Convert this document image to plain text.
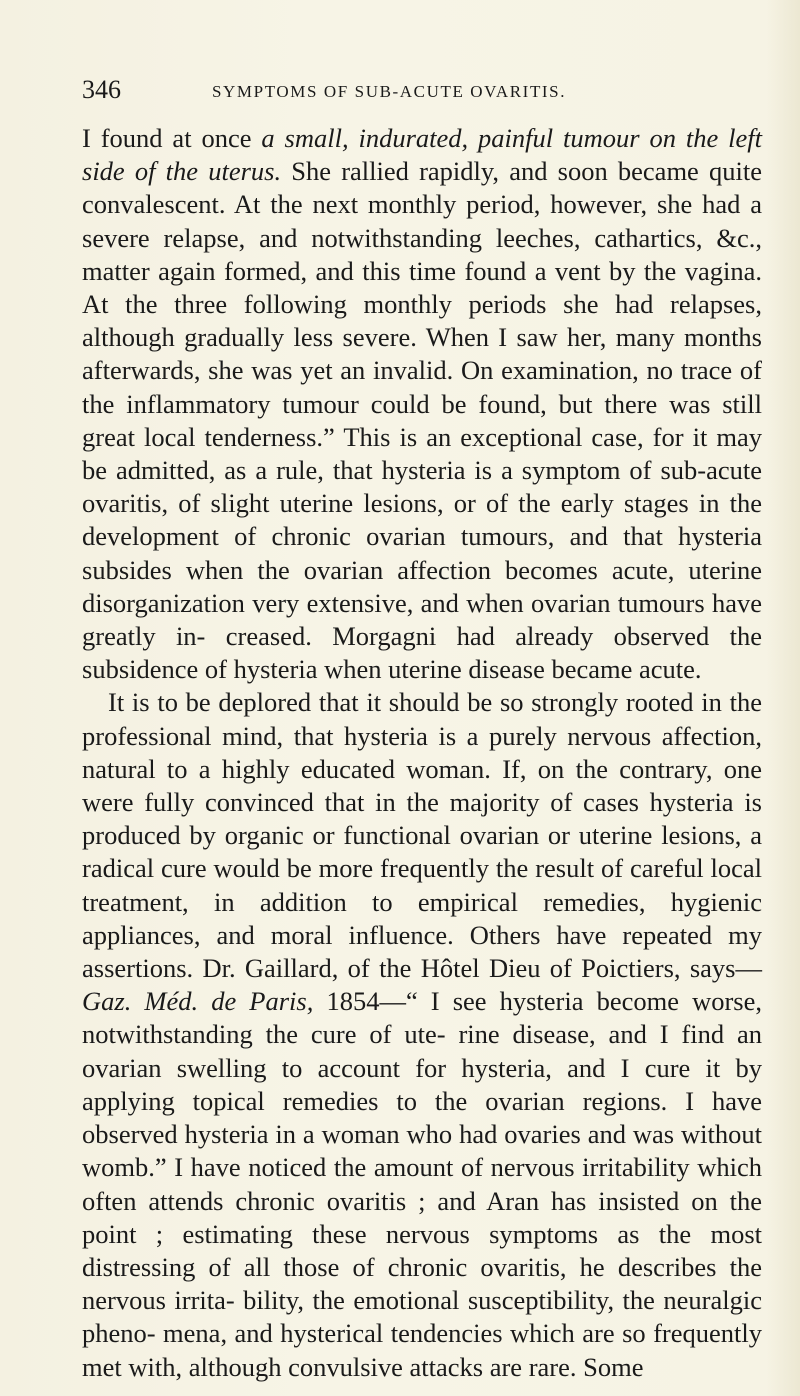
346	SYMPTOMS OF SUB-ACUTE OVARITIS.

I found at once a small, indurated, painful tumour on the left side of the uterus. She rallied rapidly, and soon became quite convalescent. At the next monthly period, however, she had a severe relapse, and notwithstanding leeches, cathartics, &c., matter again formed, and this time found a vent by the vagina. At the three following monthly periods she had relapses, although gradually less severe. When I saw her, many months afterwards, she was yet an invalid. On examination, no trace of the inflammatory tumour could be found, but there was still great local tenderness.” This is an exceptional case, for it may be admitted, as a rule, that hysteria is a symptom of sub-acute ovaritis, of slight uterine lesions, or of the early stages in the development of chronic ovarian tumours, and that hysteria subsides when the ovarian affection becomes acute, uterine disorganization very extensive, and when ovarian tumours have greatly in- creased. Morgagni had already observed the subsidence of hysteria when uterine disease became acute.

It is to be deplored that it should be so strongly rooted in the professional mind, that hysteria is a purely nervous affection, natural to a highly educated woman. If, on the contrary, one were fully convinced that in the majority of cases hysteria is produced by organic or functional ovarian or uterine lesions, a radical cure would be more frequently the result of careful local treatment, in addition to empirical remedies, hygienic appliances, and moral influence. Others have repeated my assertions. Dr. Gaillard, of the Hôtel Dieu of Poictiers, says—Gaz. Méd. de Paris, 1854—“ I see hysteria become worse, notwithstanding the cure of ute- rine disease, and I find an ovarian swelling to account for hysteria, and I cure it by applying topical remedies to the ovarian regions. I have observed hysteria in a woman who had ovaries and was without womb.” I have noticed the amount of nervous irritability which often attends chronic ovaritis ; and Aran has insisted on the point ; estimating these nervous symptoms as the most distressing of all those of chronic ovaritis, he describes the nervous irrita- bility, the emotional susceptibility, the neuralgic pheno- mena, and hysterical tendencies which are so frequently met with, although convulsive attacks are rare. Some
